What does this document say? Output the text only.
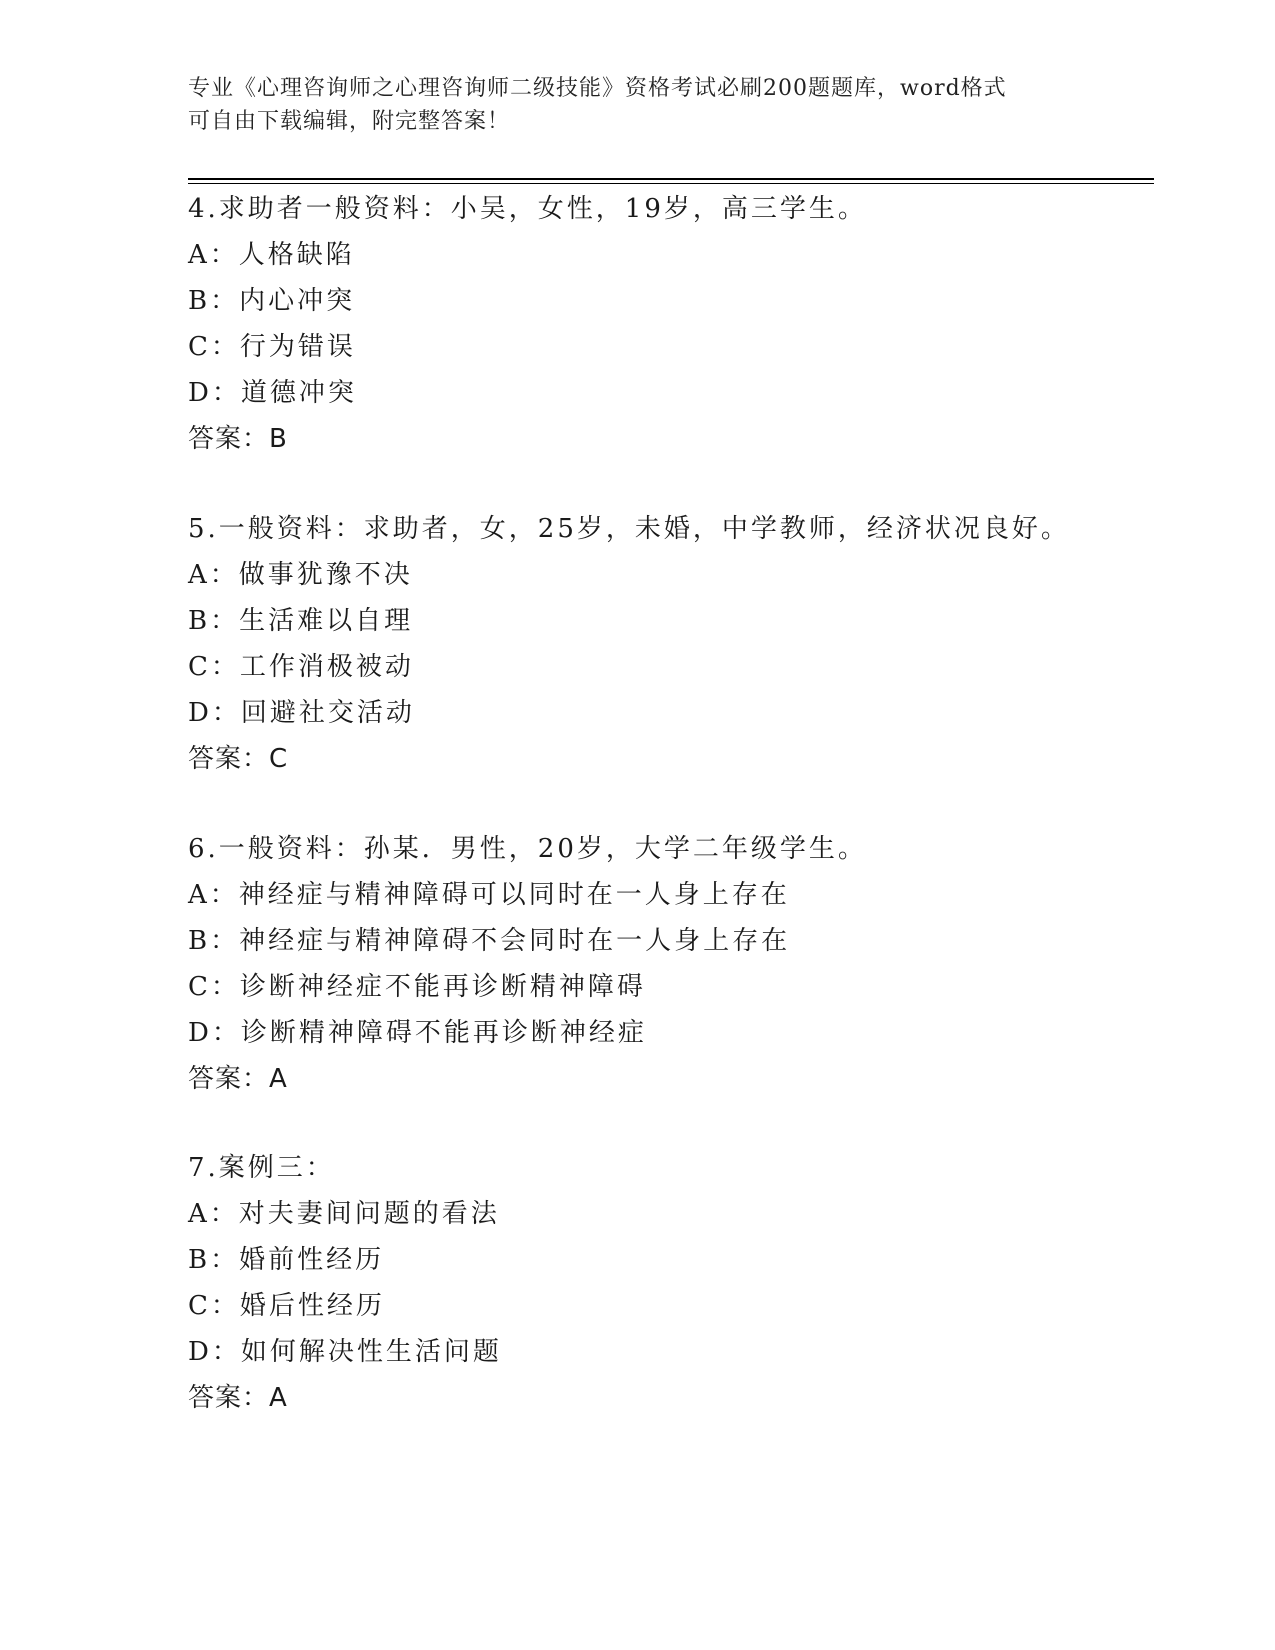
专业《心理咨询师之心理咨询师二级技能》资格考试必刷200题题库，word格式

可自由下载编辑，附完整答案！

4.求助者一般资料：小吴，女性，19岁，高三学生。
A：人格缺陷
B：内心冲突
C：行为错误
D：道德冲突
答案：B
5.一般资料：求助者，女，25岁，未婚，中学教师，经济状况良好。
A：做事犹豫不决
B：生活难以自理
C：工作消极被动
D：回避社交活动
答案：C
6.一般资料：孙某．男性，20岁，大学二年级学生。
A：神经症与精神障碍可以同时在一人身上存在
B：神经症与精神障碍不会同时在一人身上存在
C：诊断神经症不能再诊断精神障碍
D：诊断精神障碍不能再诊断神经症
答案：A
7.案例三：
A：对夫妻间问题的看法
B：婚前性经历
C：婚后性经历
D：如何解决性生活问题
答案：A
